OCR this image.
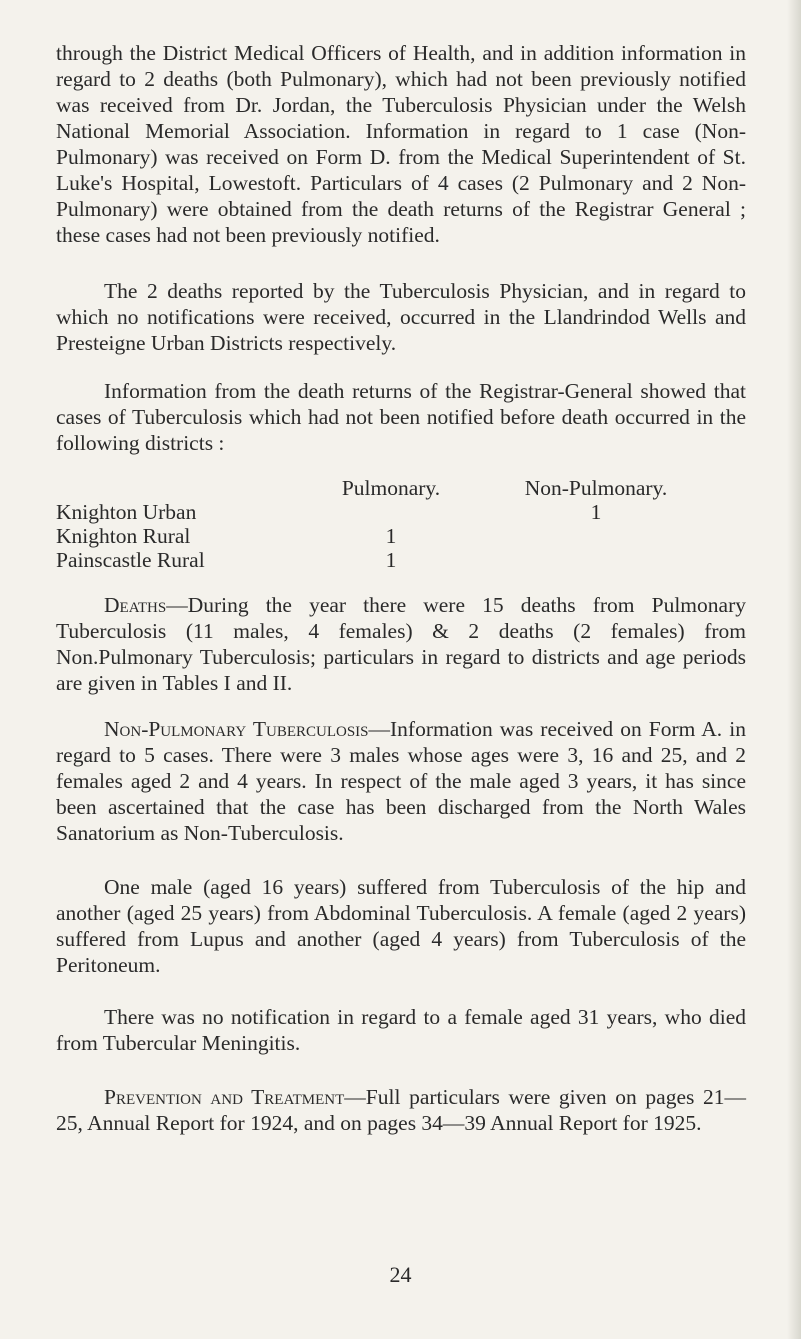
through the District Medical Officers of Health, and in addition information in regard to 2 deaths (both Pulmonary), which had not been previously notified was received from Dr. Jordan, the Tuberculosis Physician under the Welsh National Memorial Association. Information in regard to 1 case (Non-Pulmonary) was received on Form D. from the Medical Superintendent of St. Luke's Hospital, Lowestoft. Particulars of 4 cases (2 Pulmonary and 2 Non-Pulmonary) were obtained from the death returns of the Registrar General ; these cases had not been previously notified.

The 2 deaths reported by the Tuberculosis Physician, and in regard to which no notifications were received, occurred in the Llandrindod Wells and Presteigne Urban Districts respectively.

Information from the death returns of the Registrar-General showed that cases of Tuberculosis which had not been notified before death occurred in the following districts :

	Pulmonary.	Non-Pulmonary.
Knighton Urban		1
Knighton Rural	1	
Painscastle Rural	1	

Deaths—During the year there were 15 deaths from Pulmonary Tuberculosis (11 males, 4 females) & 2 deaths (2 females) from Non.Pulmonary Tuberculosis; particulars in regard to districts and age periods are given in Tables I and II.

Non-Pulmonary Tuberculosis—Information was received on Form A. in regard to 5 cases. There were 3 males whose ages were 3, 16 and 25, and 2 females aged 2 and 4 years. In respect of the male aged 3 years, it has since been ascertained that the case has been discharged from the North Wales Sanatorium as Non-Tuberculosis.

One male (aged 16 years) suffered from Tuberculosis of the hip and another (aged 25 years) from Abdominal Tuberculosis. A female (aged 2 years) suffered from Lupus and another (aged 4 years) from Tuberculosis of the Peritoneum.

There was no notification in regard to a female aged 31 years, who died from Tubercular Meningitis.

Prevention and Treatment—Full particulars were given on pages 21—25, Annual Report for 1924, and on pages 34—39 Annual Report for 1925.

24
